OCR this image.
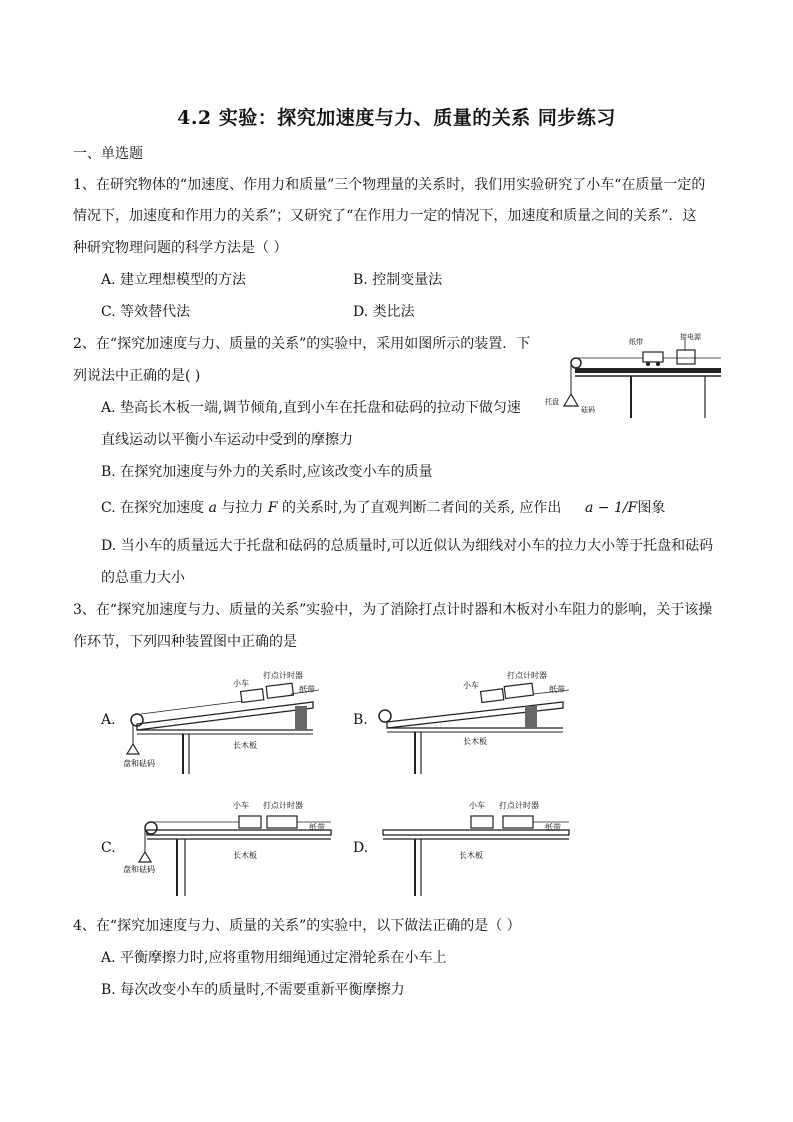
4.2 实验：探究加速度与力、质量的关系 同步练习
一、单选题
1、在研究物体的“加速度、作用力和质量”三个物理量的关系时，我们用实验研究了小车“在质量一定的
情况下，加速度和作用力的关系”；又研究了“在作用力一定的情况下，加速度和质量之间的关系”．这
种研究物理问题的科学方法是（ ）
A. 建立理想模型的方法	B. 控制变量法
C. 等效替代法	D. 类比法
2、在“探究加速度与力、质量的关系”的实验中，采用如图所示的装置．下
列说法中正确的是( )
纸带
接电源
托盘
砝码
A. 垫高长木板一端,调节倾角,直到小车在托盘和砝码的拉动下做匀速
直线运动以平衡小车运动中受到的摩擦力
B. 在探究加速度与外力的关系时,应该改变小车的质量
C. 在探究加速度 a 与拉力 F 的关系时,为了直观判断二者间的关系, 应作出 a − 1/F图象
D. 当小车的质量远大于托盘和砝码的总质量时,可以近似认为细线对小车的拉力大小等于托盘和砝码
的总重力大小
3、在“探究加速度与力、质量的关系”实验中，为了消除打点计时器和木板对小车阻力的影响，关于该操
作环节，下列四种装置图中正确的是
A.
小车
打点计时器
纸带
长木板
盘和砝码
B.
小车
打点计时器
纸带
长木板
C.
小车 打点计时器
纸带
长木板
盘和砝码
D.
小车 打点计时器
纸带
长木板
4、在“探究加速度与力、质量的关系”的实验中，以下做法正确的是（ ）
A. 平衡摩擦力时,应将重物用细绳通过定滑轮系在小车上
B. 每次改变小车的质量时,不需要重新平衡摩擦力
